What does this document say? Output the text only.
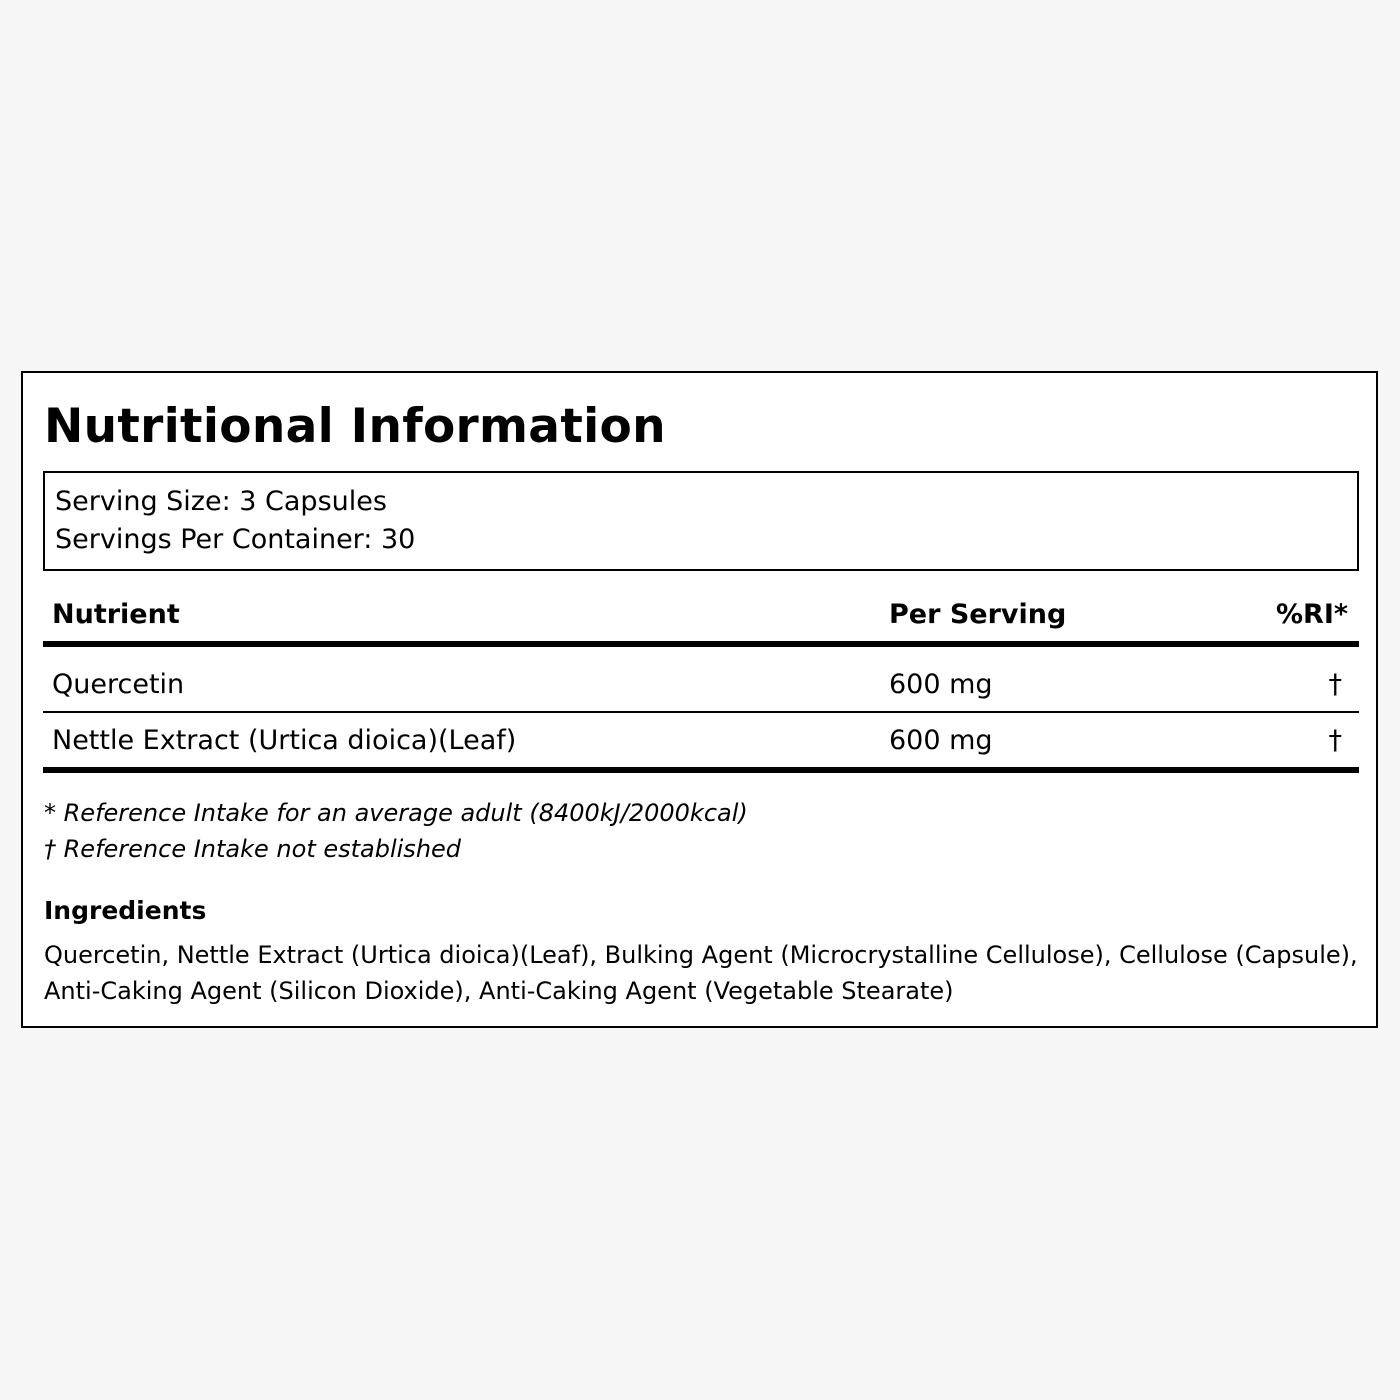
Nutritional Information
Serving Size: 3 Capsules
Servings Per Container: 30
Nutrient	Per Serving	%RI*
Quercetin	600 mg	†
Nettle Extract (Urtica dioica)(Leaf)	600 mg	†
* Reference Intake for an average adult (8400kJ/2000kcal)
† Reference Intake not established
Ingredients
Quercetin, Nettle Extract (Urtica dioica)(Leaf), Bulking Agent (Microcrystalline Cellulose), Cellulose (Capsule),
Anti-Caking Agent (Silicon Dioxide), Anti-Caking Agent (Vegetable Stearate)
